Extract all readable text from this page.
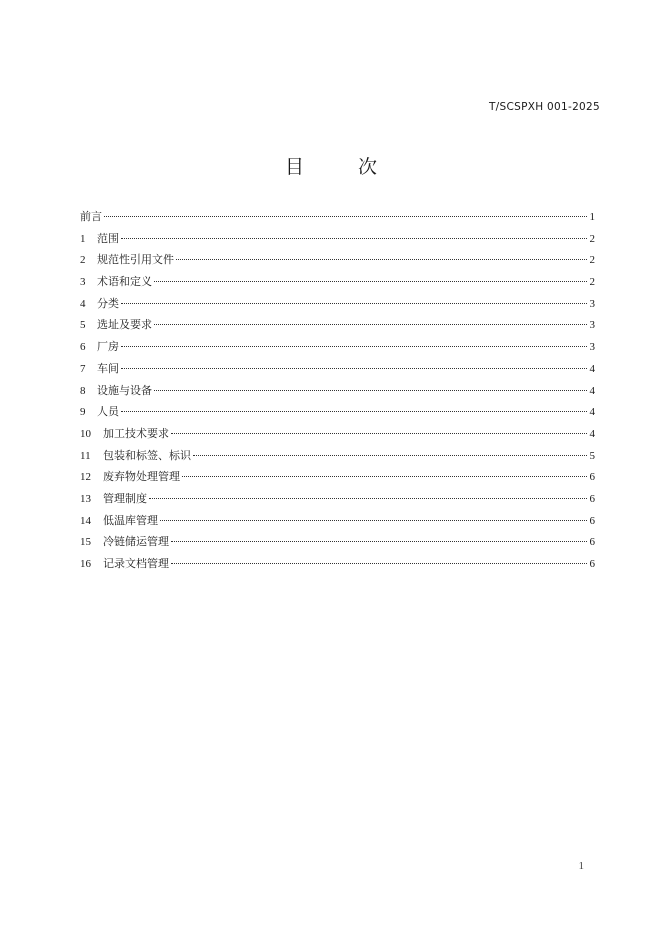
T/SCSPXH 001-2025
目 次
前言	1
1	范围	2
2	规范性引用文件	2
3	术语和定义	2
4	分类	3
5	选址及要求	3
6	厂房	3
7	车间	4
8	设施与设备	4
9	人员	4
10	加工技术要求	4
11	包装和标签、标识	5
12	废弃物处理管理	6
13	管理制度	6
14	低温库管理	6
15	冷链储运管理	6
16	记录文档管理	6
1
